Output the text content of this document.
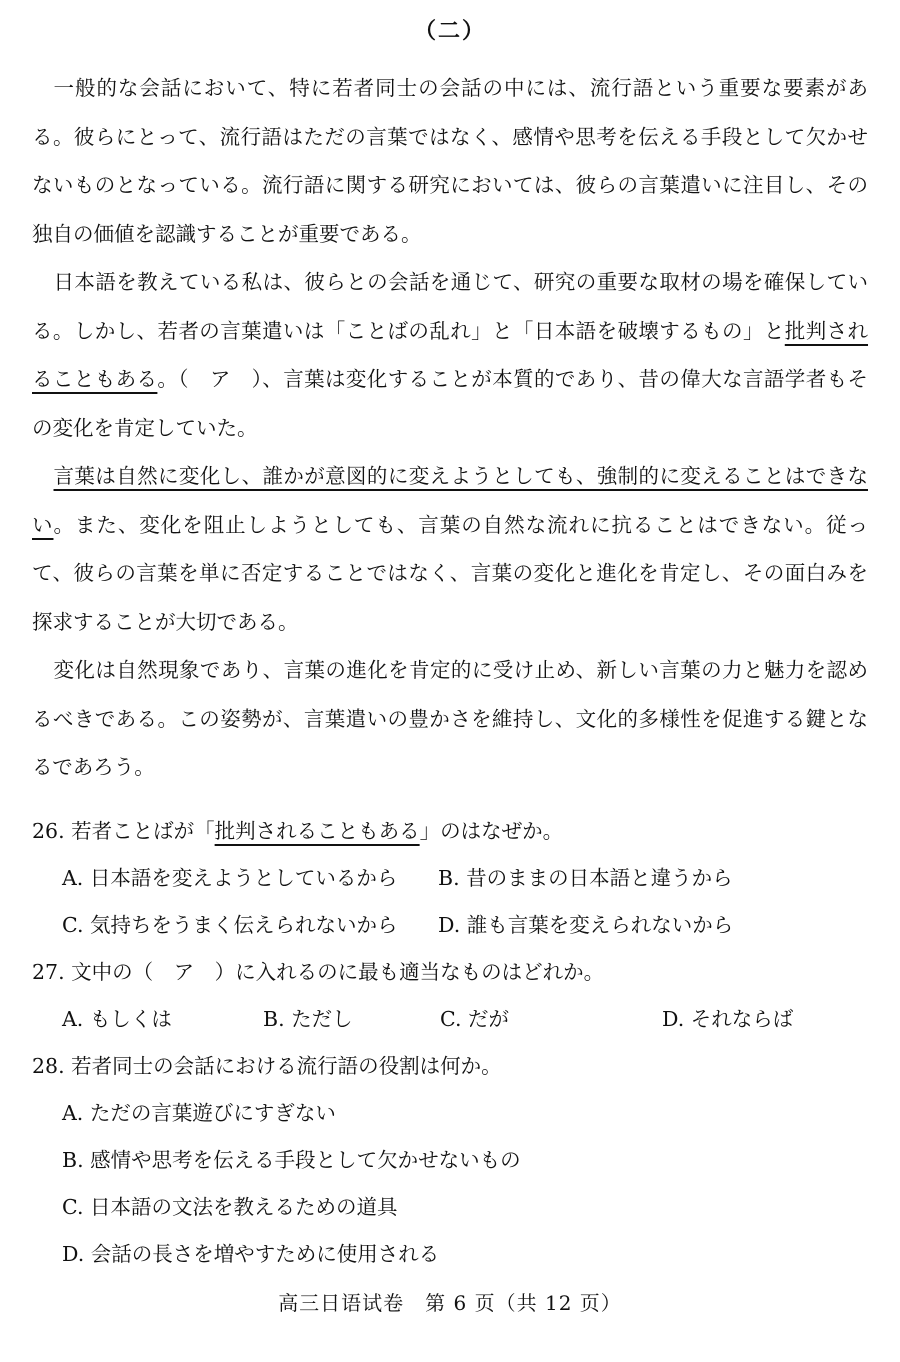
（二）

一般的な会話において、特に若者同士の会話の中には、流行語という重要な要素がある。彼らにとって、流行語はただの言葉ではなく、感情や思考を伝える手段として欠かせないものとなっている。流行語に関する研究においては、彼らの言葉遣いに注目し、その独自の価値を認識することが重要である。

日本語を教えている私は、彼らとの会話を通じて、研究の重要な取材の場を確保している。しかし、若者の言葉遣いは「ことばの乱れ」と「日本語を破壊するもの」と批判されることもある。（　ア　）、言葉は変化することが本質的であり、昔の偉大な言語学者もその変化を肯定していた。

言葉は自然に変化し、誰かが意図的に変えようとしても、強制的に変えることはできない。また、変化を阻止しようとしても、言葉の自然な流れに抗ることはできない。従って、彼らの言葉を単に否定することではなく、言葉の変化と進化を肯定し、その面白みを探求することが大切である。

変化は自然現象であり、言葉の進化を肯定的に受け止め、新しい言葉の力と魅力を認めるべきである。この姿勢が、言葉遣いの豊かさを維持し、文化的多様性を促進する鍵となるであろう。

26. 若者ことばが「批判されることもある」のはなぜか。
A. 日本語を変えようとしているから	B. 昔のままの日本語と違うから
C. 気持ちをうまく伝えられないから	D. 誰も言葉を変えられないから
27. 文中の（　ア　）に入れるのに最も適当なものはどれか。
A. もしくは	B. ただし	C. だが	D. それならば
28. 若者同士の会話における流行語の役割は何か。
A. ただの言葉遊びにすぎない
B. 感情や思考を伝える手段として欠かせないもの
C. 日本語の文法を教えるための道具
D. 会話の長さを増やすために使用される
高三日语试卷　第 6 页（共 12 页）
